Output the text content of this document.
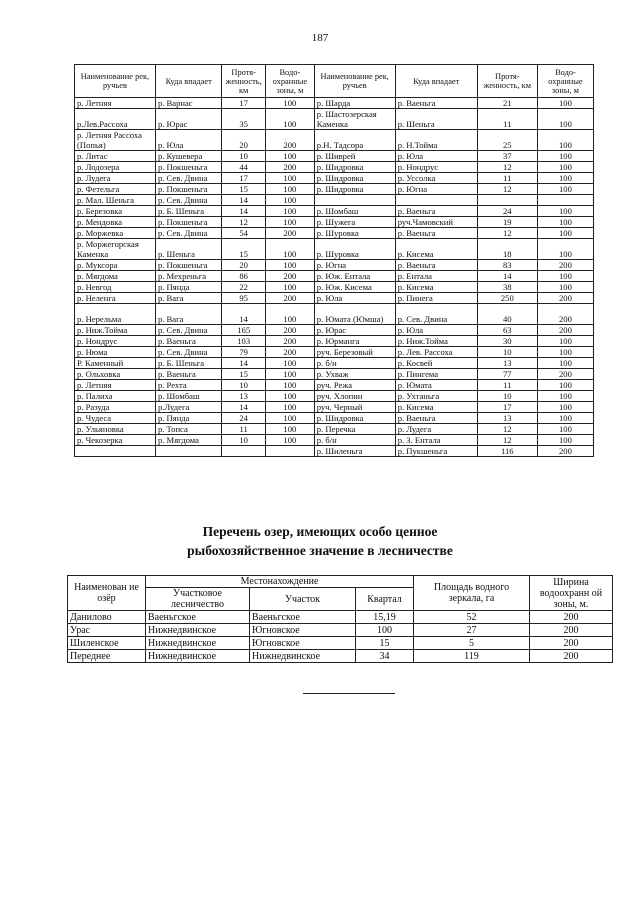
187
Наименование рек, ручьев	Куда впадает	Протя-женность, км	Водо-охранные зоны, м	Наименование рек, ручьев	Куда впадает	Протя-женность, км	Водо-охранные зоны, м
р. Летняя	р. Варнас	17	100	р. Шарда	р. Ваеньга	21	100
р.Лев.Рассоха	р. Юрас	35	100	р. Шастозерская Каменка	р. Шеньга	11	100
р. Летняя Рассоха (Попья)	р. Юла	20	200	р.Н. Тадсора	р. Н.Тойма	25	100
р. Литас	р. Кушевера	10	100	р. Шиврей	р. Юла	37	100
р. Лодозера	р. Покшеньга	44	200	р. Шидровка	р. Нондрус	12	100
р. Лудега	р. Сев. Двина	17	100	р. Шидровка	р. Уссолка	11	100
р. Фетельга	р. Покшеньга	15	100	р. Шидровка	р. Югна	12	100
р. Мал. Шеньга	р. Сев. Двина	14	100				
р. Березовка	р. Б. Шеньга	14	100	р. Шомбаш	р. Ваеньга	24	100
р. Мендовка	р. Покшеньга	12	100	р. Шужега	руч.Чамовский	19	100
р. Моржевка	р. Сев. Двина	54	200	р. Шуровка	р. Ваеньга	12	100
р. Моржегорская Каменка	р. Шеньга	15	100	р. Шуровка	р. Кисема	18	100
р. Муксора	р. Покшеньга	20	100	р. Югна	р. Ваеньга	83	200
р. Мягдома	р. Мехреньга	86	200	р. Юж. Ентала	р. Ентала	14	100
р. Невгод	р. Пянда	22	100	р. Юж. Кисема	р. Кисема	38	100
р. Неленга	р. Вага	95	200	р. Юла	р. Пинега	250	200
р. Нерельма	р. Вага	14	100	р. Юмата (Юмша)	р. Сев. Двина	40	200
р. Ниж.Тойма	р. Сев. Двина	165	200	р. Юрас	р. Юла	63	200
р. Нондрус	р. Ваеньга	103	200	р. Юрманга	р. Ниж.Тойма	30	100
р. Нюма	р. Сев. Двина	79	200	руч. Березовый	р. Лев. Рассоха	10	100
Р. Каменный	р. Б. Шеньга	14	100	р. б/н	р. Косвей	13	100
р. Ольховка	р. Ваеньга	15	100	р. Ухваж	р. Пингема	77	200
р. Летняя	р. Рехта	10	100	руч. Режа	р. Юмата	11	100
р. Палиха	р. Шомбаш	13	100	руч. Хлопин	р. Ухтаньга	10	100
р. Разуда	р.Лудега	14	100	руч. Черный	р. Кисема	17	100
р. Чудеса	р. Пянда	24	100	р. Шидровка	р. Ваеньга	13	100
р. Ульяновка	р. Топса	11	100	р. Перечка	р. Лудега	12	100
р. Чекозерка	р. Мягдома	10	100	р. б/н	р. З. Ентала	12	100
				р. Шиленьга	р. Пукшеньга	116	200
Перечень озер, имеющих особо ценное
рыбохозяйственное значение в лесничестве
Наименован ие озёр	Местонахождение			Площадь водного зеркала, га	Ширина водоохранн ой зоны, м.
	Участковое лесничество	Участок	Квартал		
Данилово	Ваеньгское	Ваеньгское	15,19	52	200
Урас	Нижнедвинское	Югновское	100	27	200
Шиленское	Нижнедвинское	Югновское	15	5	200
Переднее	Нижнедвинское	Нижнедвинское	34	119	200
